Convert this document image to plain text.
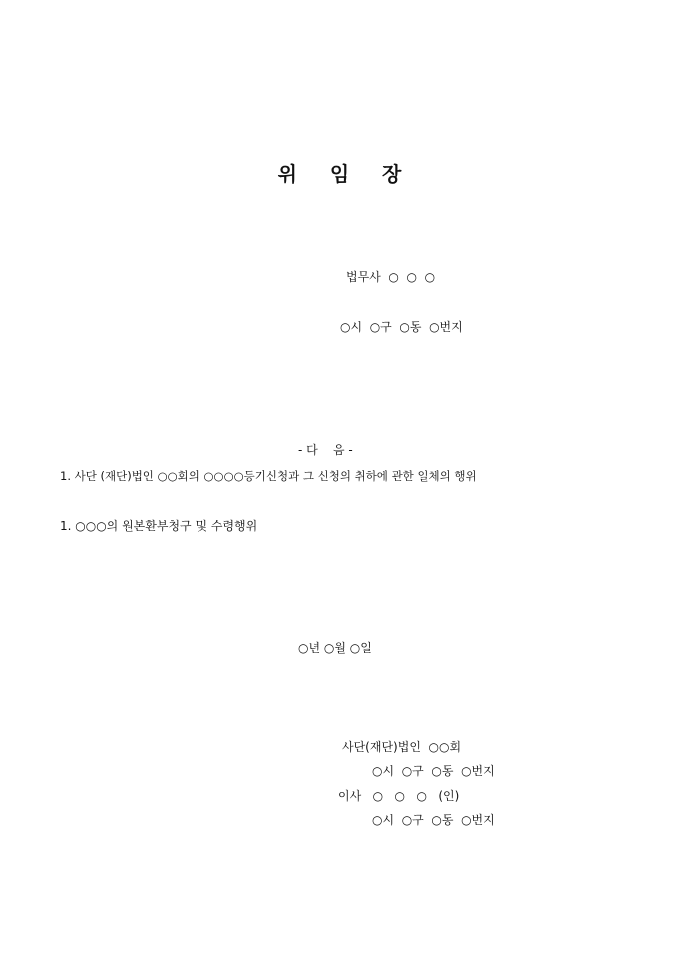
위    임    장
법무사  ○  ○  ○
○시  ○구  ○동  ○번지
- 다    음 -
1. 사단 (재단)법인 ○○회의 ○○○○등기신청과 그 신청의 취하에 관한 일체의 행위
1. ○○○의 원본환부청구 및 수령행위
○년 ○월 ○일
사단(재단)법인  ○○회
○시  ○구  ○동  ○번지
이사   ○   ○   ○   (인)
○시  ○구  ○동  ○번지
